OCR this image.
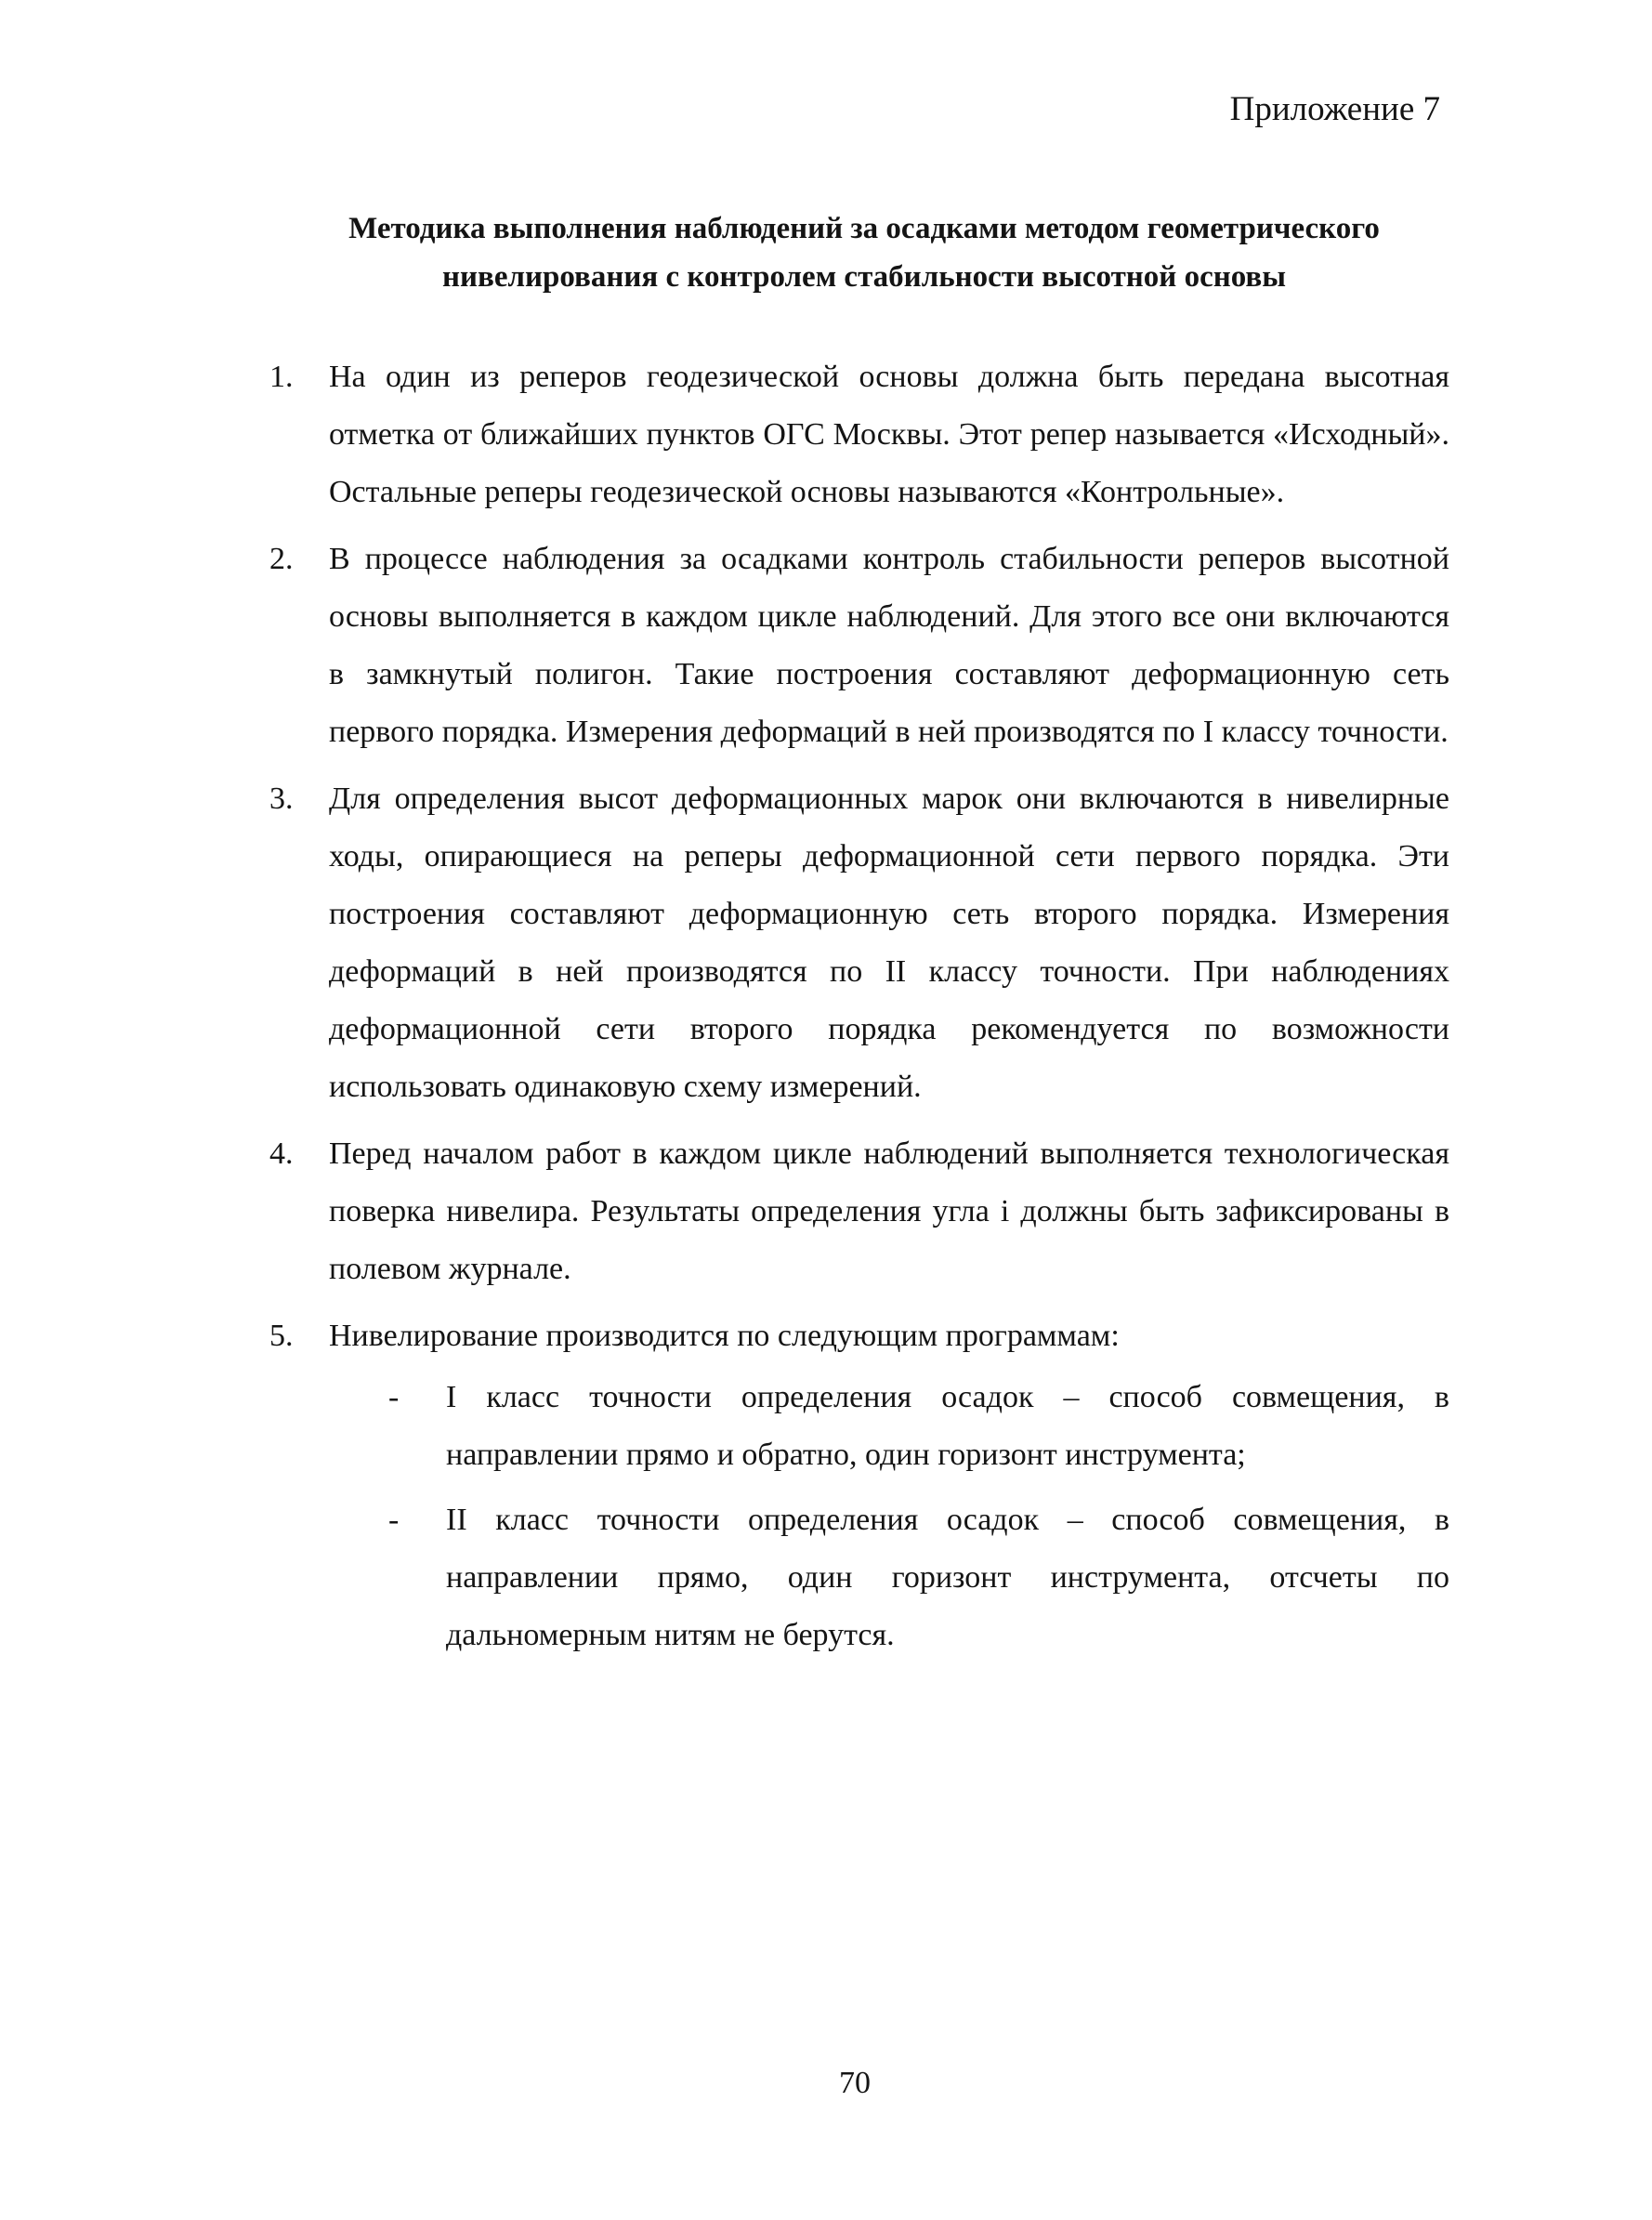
Приложение 7
Методика выполнения наблюдений за осадками методом геометрического нивелирования с контролем стабильности высотной основы
1. На один из реперов геодезической основы должна быть передана высотная отметка от ближайших пунктов ОГС Москвы. Этот репер называется «Исходный». Остальные реперы геодезической основы называются «Контрольные».
2. В процессе наблюдения за осадками контроль стабильности реперов высотной основы выполняется в каждом цикле наблюдений. Для этого все они включаются в замкнутый полигон. Такие построения составляют деформационную сеть первого порядка. Измерения деформаций в ней производятся по I классу точности.
3. Для определения высот деформационных марок они включаются в нивелирные ходы, опирающиеся на реперы деформационной сети первого порядка. Эти построения составляют деформационную сеть второго порядка. Измерения деформаций в ней производятся по II классу точности. При наблюдениях деформационной сети второго порядка рекомендуется по возможности использовать одинаковую схему измерений.
4. Перед началом работ в каждом цикле наблюдений выполняется технологическая поверка нивелира. Результаты определения угла i должны быть зафиксированы в полевом журнале.
5. Нивелирование производится по следующим программам:
- I класс точности определения осадок – способ совмещения, в направлении прямо и обратно, один горизонт инструмента;
- II класс точности определения осадок – способ совмещения, в направлении прямо, один горизонт инструмента, отсчеты по дальномерным нитям не берутся.
70
